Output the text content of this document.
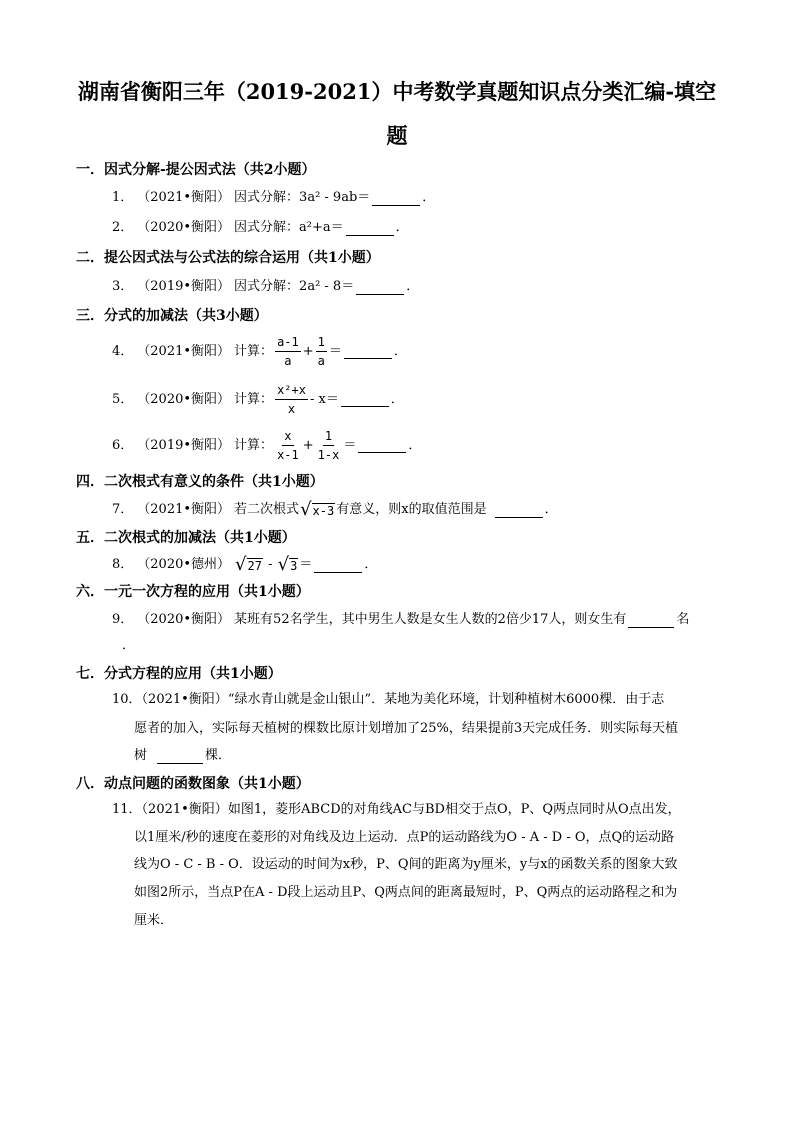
湖南省衡阳三年（2019-2021）中考数学真题知识点分类汇编-填空
题
一．因式分解-提公因式法（共2小题）
1． （2021•衡阳） 因式分解：3a² - 9ab＝	．
2． （2020•衡阳） 因式分解：a²+a＝	．
二．提公因式法与公式法的综合运用（共1小题）
3． （2019•衡阳） 因式分解：2a² - 8＝	．
三．分式的加减法（共3小题）
4． （2021•衡阳） 计算： $\frac{a-1}{a} + \frac{1}{a}$ ＝	．
5． （2020•衡阳） 计算： $\frac{\text{x²+x}}{x} - x=$	．
6． （2019•衡阳） 计算： $\frac{x}{x-1} + \frac{1}{1-x}$ ＝	．
四．二次根式有意义的条件（共1小题）
7． （2021•衡阳） 若二次根式 √ x-3 有意义，则x的取值范围是	．
五．二次根式的加减法（共1小题）
8． （2020•德州） √ 27 - √ 3 ＝	．
六．一元一次方程的应用（共1小题）
9． （2020•衡阳） 某班有52名学生，其中男生人数是女生人数的2倍少17人，则女生有	名
．
七．分式方程的应用（共1小题）
10．（2021•衡阳）“绿水青山就是金山银山”．某地为美化环境，计划种植树木6000棵．由于志
愿者的加入，实际每天植树的棵数比原计划增加了25%，结果提前3天完成任务．则实际每天植
树	棵．
八．动点问题的函数图象（共1小题）
11．（2021•衡阳）如图1，菱形ABCD的对角线AC与BD相交于点O，P、Q两点同时从O点出发，
以1厘米/秒的速度在菱形的对角线及边上运动．点P的运动路线为O - A - D - O，点Q的运动路
线为O - C - B - O．设运动的时间为x秒，P、Q间的距离为y厘米，y与x的函数关系的图象大致
如图2所示，当点P在A - D段上运动且P、Q两点间的距离最短时，P、Q两点的运动路程之和为
厘米．
